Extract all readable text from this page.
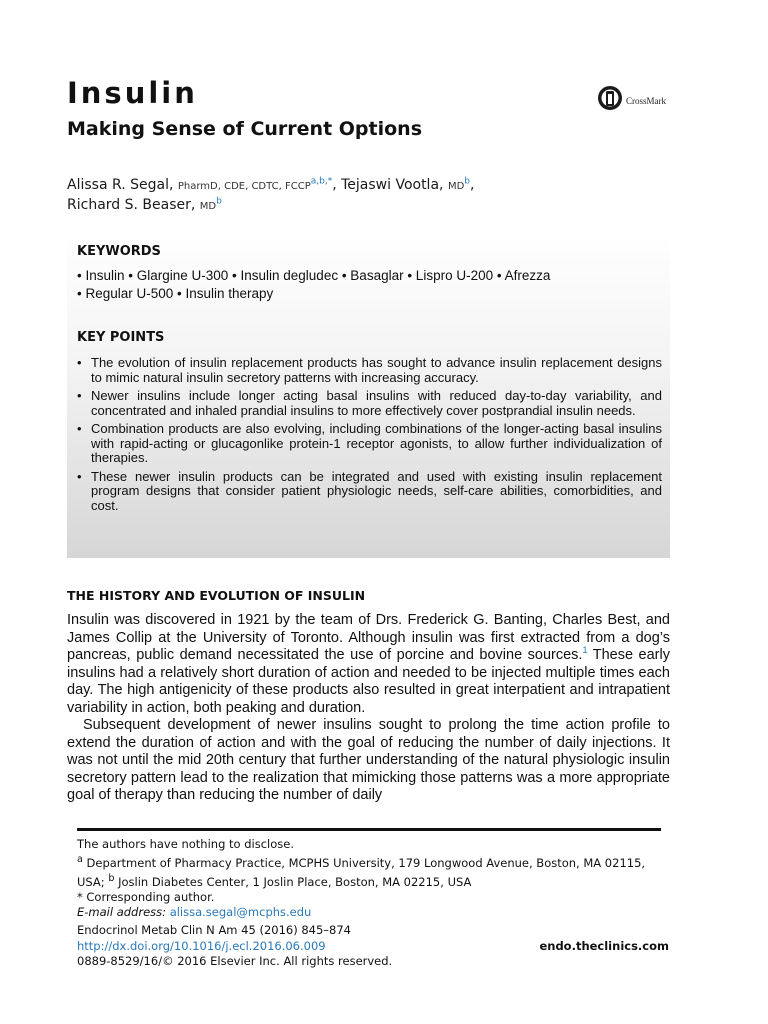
Insulin
Making Sense of Current Options
CrossMark
Alissa R. Segal, PharmD, CDE, CDTC, FCCP$^{a,b,*}$, Tejaswi Vootla, MD$^b$,
Richard S. Beaser, MD$^b$
KEYWORDS
• Insulin • Glargine U-300 • Insulin degludec • Basaglar • Lispro U-200 • Afrezza
• Regular U-500 • Insulin therapy
KEY POINTS
• The evolution of insulin replacement products has sought to advance insulin replacement designs to mimic natural insulin secretory patterns with increasing accuracy.
• Newer insulins include longer acting basal insulins with reduced day-to-day variability, and concentrated and inhaled prandial insulins to more effectively cover postprandial insulin needs.
• Combination products are also evolving, including combinations of the longer-acting basal insulins with rapid-acting or glucagonlike protein-1 receptor agonists, to allow further individualization of therapies.
• These newer insulin products can be integrated and used with existing insulin replacement program designs that consider patient physiologic needs, self-care abilities, comorbidities, and cost.
THE HISTORY AND EVOLUTION OF INSULIN

Insulin was discovered in 1921 by the team of Drs. Frederick G. Banting, Charles Best, and James Collip at the University of Toronto. Although insulin was first extracted from a dog’s pancreas, public demand necessitated the use of porcine and bovine sources.$^1$ These early insulins had a relatively short duration of action and needed to be injected multiple times each day. The high antigenicity of these products also resulted in great interpatient and intrapatient variability in action, both peaking and duration.

Subsequent development of newer insulins sought to prolong the time action profile to extend the duration of action and with the goal of reducing the number of daily injections. It was not until the mid 20th century that further understanding of the natural physiologic insulin secretory pattern lead to the realization that mimicking those patterns was a more appropriate goal of therapy than reducing the number of daily

The authors have nothing to disclose.
$^a$ Department of Pharmacy Practice, MCPHS University, 179 Longwood Avenue, Boston, MA 02115, USA; $^b$ Joslin Diabetes Center, 1 Joslin Place, Boston, MA 02215, USA
* Corresponding author.
E-mail address: alissa.segal@mcphs.edu
Endocrinol Metab Clin N Am 45 (2016) 845–874
http://dx.doi.org/10.1016/j.ecl.2016.06.009
0889-8529/16/© 2016 Elsevier Inc. All rights reserved.
endo.theclinics.com
